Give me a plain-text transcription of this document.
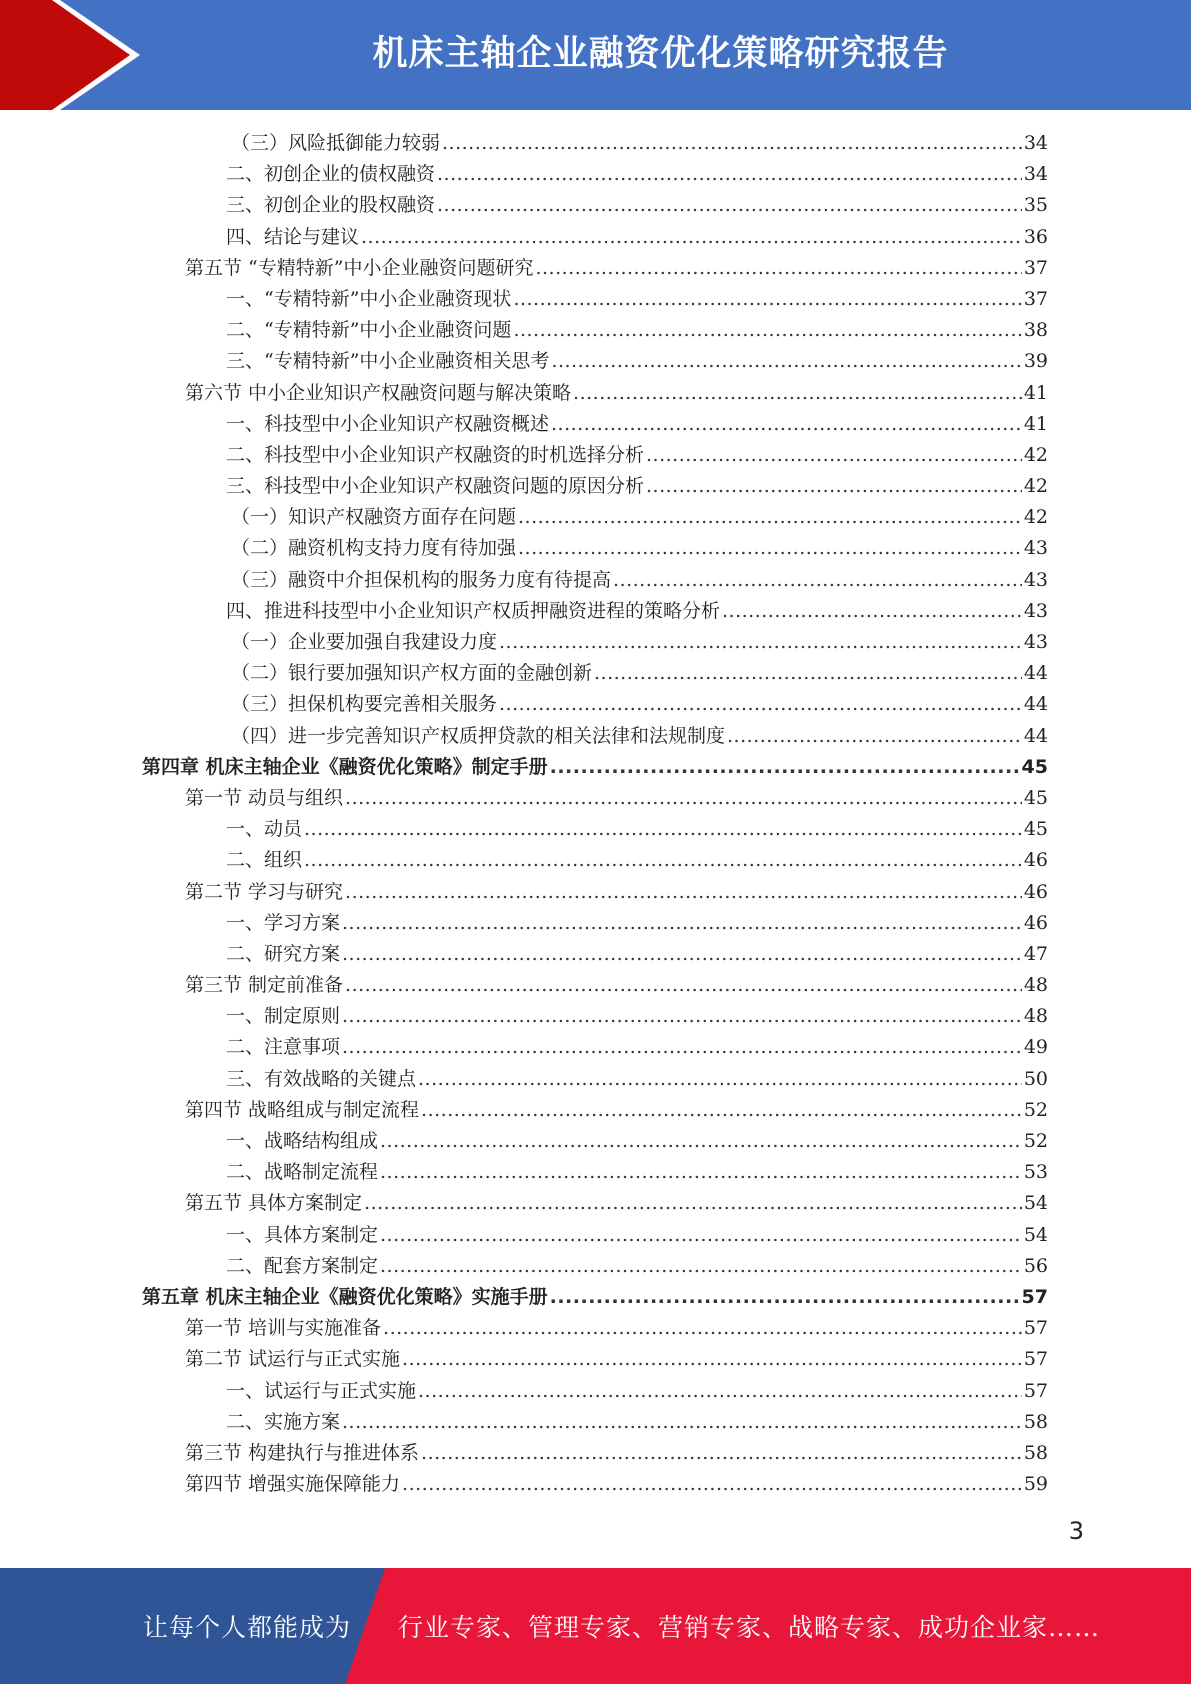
机床主轴企业融资优化策略研究报告
（三）风险抵御能力较弱 .....	34
二、初创企业的债权融资 .....	34
三、初创企业的股权融资 .....	35
四、结论与建议 .....	36
第五节 “专精特新”中小企业融资问题研究 .....	37
一、“专精特新”中小企业融资现状 .....	37
二、“专精特新”中小企业融资问题 .....	38
三、“专精特新”中小企业融资相关思考 .....	39
第六节 中小企业知识产权融资问题与解决策略 .....	41
一、科技型中小企业知识产权融资概述 .....	41
二、科技型中小企业知识产权融资的时机选择分析 .....	42
三、科技型中小企业知识产权融资问题的原因分析 .....	42
（一）知识产权融资方面存在问题 .....	42
（二）融资机构支持力度有待加强 .....	43
（三）融资中介担保机构的服务力度有待提高 .....	43
四、推进科技型中小企业知识产权质押融资进程的策略分析 .....	43
（一）企业要加强自我建设力度 .....	43
（二）银行要加强知识产权方面的金融创新 .....	44
（三）担保机构要完善相关服务 .....	44
（四）进一步完善知识产权质押贷款的相关法律和法规制度 .....	44
第四章 机床主轴企业《融资优化策略》制定手册 .....	45
第一节 动员与组织 .....	45
一、动员 .....	45
二、组织 .....	46
第二节 学习与研究 .....	46
一、学习方案 .....	46
二、研究方案 .....	47
第三节 制定前准备 .....	48
一、制定原则 .....	48
二、注意事项 .....	49
三、有效战略的关键点 .....	50
第四节 战略组成与制定流程 .....	52
一、战略结构组成 .....	52
二、战略制定流程 .....	53
第五节 具体方案制定 .....	54
一、具体方案制定 .....	54
二、配套方案制定 .....	56
第五章 机床主轴企业《融资优化策略》实施手册 .....	57
第一节 培训与实施准备 .....	57
第二节 试运行与正式实施 .....	57
一、试运行与正式实施 .....	57
二、实施方案 .....	58
第三节 构建执行与推进体系 .....	58
第四节 增强实施保障能力 .....	59
3
让每个人都能成为 行业专家、管理专家、营销专家、战略专家、成功企业家……
